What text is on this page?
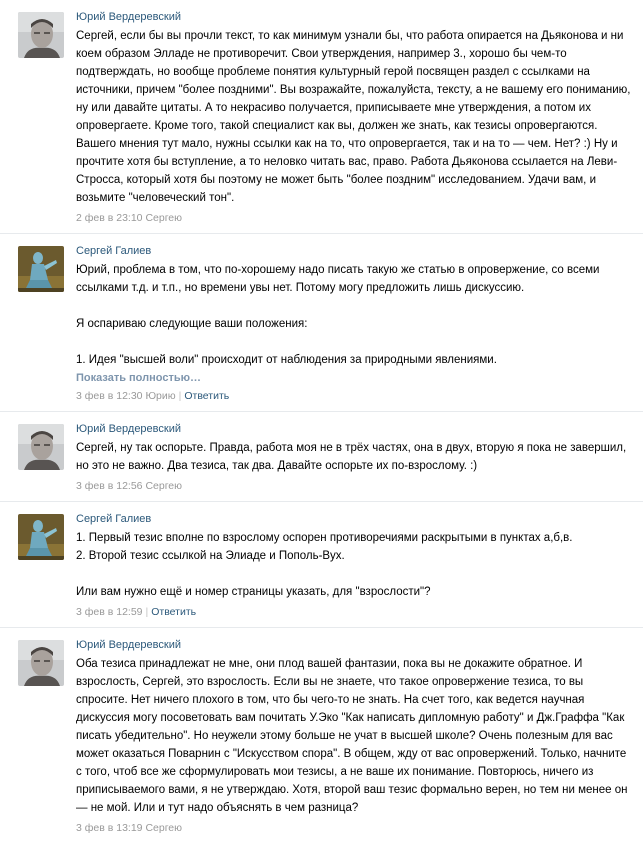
Юрий Вердеревский

Сергей, если бы вы прочли текст, то как минимум узнали бы, что работа опирается на Дьяконова и ни коем образом Элладе не противоречит. Свои утверждения, например 3., хорошо бы чем-то подтверждать, но вообще проблеме понятия культурный герой посвящен раздел с ссылками на источники, причем "более поздними". Вы возражайте, пожалуйста, тексту, а не вашему его пониманию, ну или давайте цитаты. А то некрасиво получается, приписываете мне утверждения, а потом их опровергаете. Кроме того, такой специалист как вы, должен же знать, как тезисы опровергаются. Вашего мнения тут мало, нужны ссылки как на то, что опровергается, так и на то — чем. Нет? :) Ну и прочтите хотя бы вступление, а то неловко читать вас, право. Работа Дьяконова ссылается на Леви-Стросса, который хотя бы поэтому не может быть "более поздним" исследованием. Удачи вам, и возьмите "человеческий тон".

2 фев в 23:10 Сергею
Сергей Галиев

Юрий, проблема в том, что по-хорошему надо писать такую же статью в опровержение, со всеми ссылками т.д. и т.п., но времени увы нет. Потому могу предложить лишь дискуссию.

Я оспариваю следующие ваши положения:

1. Идея "высшей воли" происходит от наблюдения за природными явлениями.

Показать полностью…
3 фев в 12:30 Юрию | Ответить
Юрий Вердеревский

Сергей, ну так оспорьте. Правда, работа моя не в трёх частях, она в двух, вторую я пока не завершил, но это не важно. Два тезиса, так два. Давайте оспорьте их по-взрослому. :)

3 фев в 12:56 Сергею
Сергей Галиев

1. Первый тезис вполне по взрослому оспорен противоречиями раскрытыми в пунктах а,б,в.

2. Второй тезис ссылкой на Элиаде и Пополь-Вух.

Или вам нужно ещё и номер страницы указать, для "взрослости"?

3 фев в 12:59 | Ответить
Юрий Вердеревский

Оба тезиса принадлежат не мне, они плод вашей фантазии, пока вы не докажите обратное. И взрослость, Сергей, это взрослость. Если вы не знаете, что такое опровержение тезиса, то вы спросите. Нет ничего плохого в том, что бы чего-то не знать. На счет того, как ведется научная дискуссия могу посоветовать вам почитать У.Эко "Как написать дипломную работу" и Дж.Граффа "Как писать убедительно". Но неужели этому больше не учат в высшей школе? Очень полезным для вас может оказаться Поварнин с "Искусством спора". В общем, жду от вас опровержений. Только, начните с того, чтоб все же сформулировать мои тезисы, а не ваше их понимание. Повторюсь, ничего из приписываемого вами, я не утверждаю. Хотя, второй ваш тезис формально верен, но тем ни менее он — не мой. Или и тут надо объяснять в чем разница?

3 фев в 13:19 Сергею
